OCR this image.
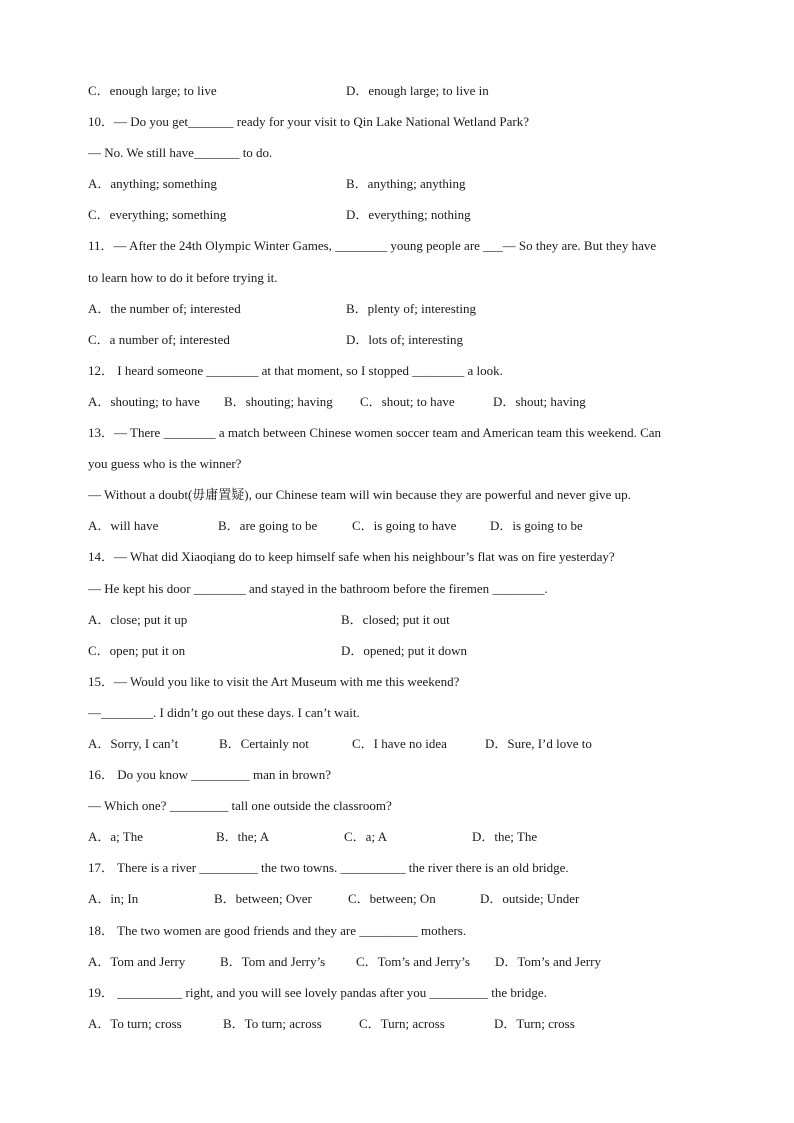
C．enough large; to live	D．enough large; to live in
10．— Do you get_______ ready for your visit to Qin Lake National Wetland Park?
— No. We still have_______ to do.
A．anything; something	B．anything; anything
C．everything; something	D．everything; nothing
11．— After the 24th Olympic Winter Games, ________ young people are ___— So they are. But they have
to learn how to do it before trying it.
A．the number of; interested	B．plenty of; interesting
C．a number of; interested	D．lots of; interesting
12． I heard someone ________ at that moment, so I stopped ________ a look.
A．shouting; to have B．shouting; having C．shout; to have	D．shout; having
13．— There ________ a match between Chinese women soccer team and American team this weekend. Can
you guess who is the winner?
— Without a doubt(毋庸置疑), our Chinese team will win because they are powerful and never give up.
A．will have	B．are going to be	C．is going to have	D．is going to be
14．— What did Xiaoqiang do to keep himself safe when his neighbour’s flat was on fire yesterday?
— He kept his door ________ and stayed in the bathroom before the firemen ________.
A．close; put it up	B．closed; put it out
C．open; put it on	D．opened; put it down
15．— Would you like to visit the Art Museum with me this weekend?
—________. I didn’t go out these days. I can’t wait.
A．Sorry, I can’t	B．Certainly not	C．I have no idea	D．Sure, I’d love to
16． Do you know _________ man in brown?
— Which one? _________ tall one outside the classroom?
A．a; The	B．the; A	C．a; A	D．the; The
17． There is a river _________ the two towns. __________ the river there is an old bridge.
A．in; In	B．between; Over	C．between; On	D．outside; Under
18． The two women are good friends and they are _________ mothers.
A．Tom and Jerry	B．Tom and Jerry’s C．Tom’s and Jerry’s D．Tom’s and Jerry
19． __________ right, and you will see lovely pandas after you _________ the bridge.
A．To turn; cross	B．To turn; across	C．Turn; across	D．Turn; cross
